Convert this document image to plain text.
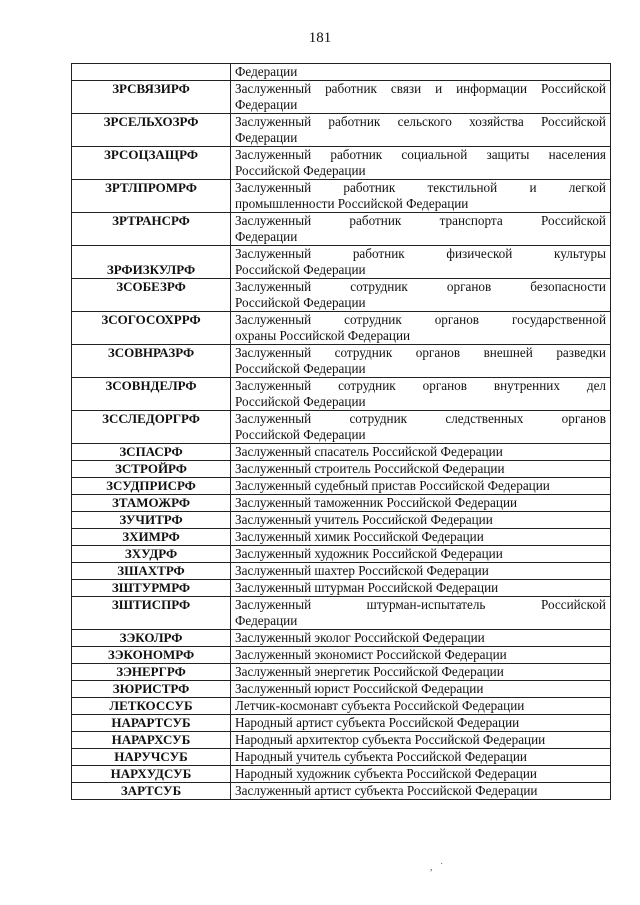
181

	Федерации

ЗРСВЯЗИРФ	Заслуженный работник связи и информации Российской
Федерации

ЗРСЕЛЬХОЗРФ	Заслуженный работник сельского хозяйства Российской
Федерации

ЗРСОЦЗАЩРФ	Заслуженный работник социальной защиты населения
Российской Федерации

ЗРТЛПРОМРФ	Заслуженный работник текстильной и легкой
промышленности Российской Федерации

ЗРТРАНСРФ	Заслуженный работник транспорта Российской
Федерации

ЗРФИЗКУЛРФ	Заслуженный работник физической культуры
Российской Федерации

ЗСОБЕЗРФ	Заслуженный сотрудник органов безопасности
Российской Федерации

ЗСОГОСОХРРФ	Заслуженный сотрудник органов государственной
охраны Российской Федерации

ЗСОВНРАЗРФ	Заслуженный сотрудник органов внешней разведки
Российской Федерации

ЗСОВНДЕЛРФ	Заслуженный сотрудник органов внутренних дел
Российской Федерации

ЗССЛЕДОРГРФ	Заслуженный сотрудник следственных органов
Российской Федерации

ЗСПАСРФ	Заслуженный спасатель Российской Федерации

ЗСТРОЙРФ	Заслуженный строитель Российской Федерации

ЗСУДПРИСРФ	Заслуженный судебный пристав Российской Федерации

ЗТАМОЖРФ	Заслуженный таможенник Российской Федерации

ЗУЧИТРФ	Заслуженный учитель Российской Федерации

ЗХИМРФ	Заслуженный химик Российской Федерации

ЗХУДРФ	Заслуженный художник Российской Федерации

ЗШАХТРФ	Заслуженный шахтер Российской Федерации

ЗШТУРМРФ	Заслуженный штурман Российской Федерации

ЗШТИСПРФ	Заслуженный штурман-испытатель Российской
Федерации

ЗЭКОЛРФ	Заслуженный эколог Российской Федерации

ЗЭКОНОМРФ	Заслуженный экономист Российской Федерации

ЗЭНЕРГРФ	Заслуженный энергетик Российской Федерации

ЗЮРИСТРФ	Заслуженный юрист Российской Федерации

ЛЕТКОССУБ	Летчик-космонавт субъекта Российской Федерации

НАРАРТСУБ	Народный артист субъекта Российской Федерации

НАРАРХСУБ	Народный архитектор субъекта Российской Федерации

НАРУЧСУБ	Народный учитель субъекта Российской Федерации

НАРХУДСУБ	Народный художник субъекта Российской Федерации

ЗАРТСУБ	Заслуженный артист субъекта Российской Федерации
,   ˙
